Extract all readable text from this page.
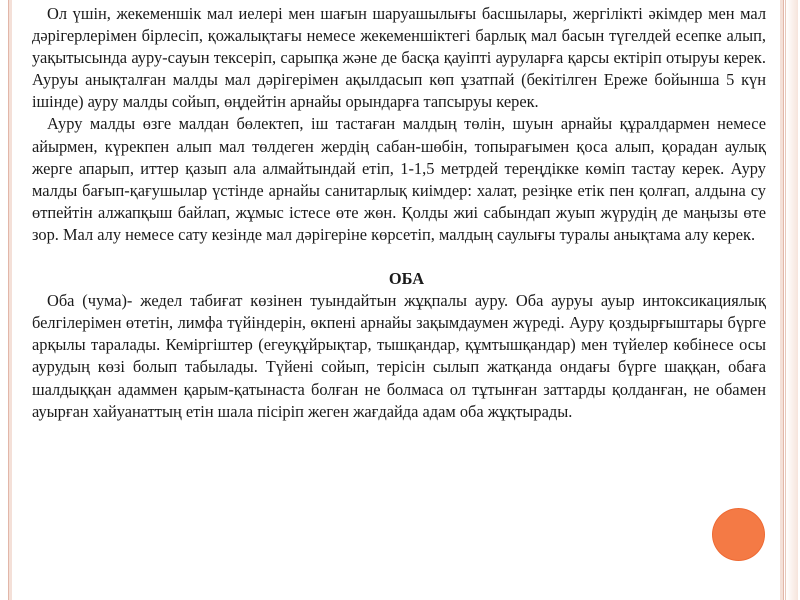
Ол үшін, жекеменшік мал иелері мен шағын шаруашылығы басшылары, жергілікті әкімдер мен мал дәрігерлерімен бірлесіп, қожалықтағы немесе жекеменшіктегі барлық мал басын түгелдей есепке алып, уақытысында ауру-сауын тексеріп, сарыпқа және де басқа қауіпті ауруларға қарсы ектіріп отыруы керек. Ауруы анықталған малды мал дәрігерімен ақылдасып көп ұзатпай (бекітілген Ереже бойынша 5 күн ішінде) ауру малды сойып, өңдейтін арнайы орындарға тапсыруы керек.

Ауру малды өзге малдан бөлектеп, іш тастаған малдың төлін, шуын арнайы құралдармен немесе айырмен, күрекпен алып мал төлдеген жердің сабан-шөбін, топырағымен қоса алып, қорадан аулық жерге апарып, иттер қазып ала алмайтындай етіп, 1-1,5 метрдей тереңдікке көміп тастау керек. Ауру малды бағып-қағушылар үстінде арнайы санитарлық киімдер: халат, резіңке етік пен қолғап, алдына су өтпейтін алжапқыш байлап, жұмыс істесе өте жөн. Қолды жиі сабындап жуып жүрудің де маңызы өте зор. Мал алу немесе сату кезінде мал дәрігеріне көрсетіп, малдың саулығы туралы анықтама алу керек.

ОБА

Оба (чума)- жедел табиғат көзінен туындайтын жұқпалы ауру. Оба ауруы ауыр интоксикациялық белгілерімен өтетін, лимфа түйіндерін, өкпені арнайы зақымдаумен жүреді. Ауру қоздырғыштары бүрге арқылы таралады. Кеміргіштер (егеуқұйрықтар, тышқандар, құмтышқандар) мен түйелер көбінесе осы аурудың көзі болып табылады. Түйені сойып, терісін сылып жатқанда ондағы бүрге шаққан, обаға шалдыққан адаммен қарым-қатынаста болған не болмаса ол тұтынған заттарды қолданған, не обамен ауырған хайуанаттың етін шала пісіріп жеген жағдайда адам оба жұқтырады.
